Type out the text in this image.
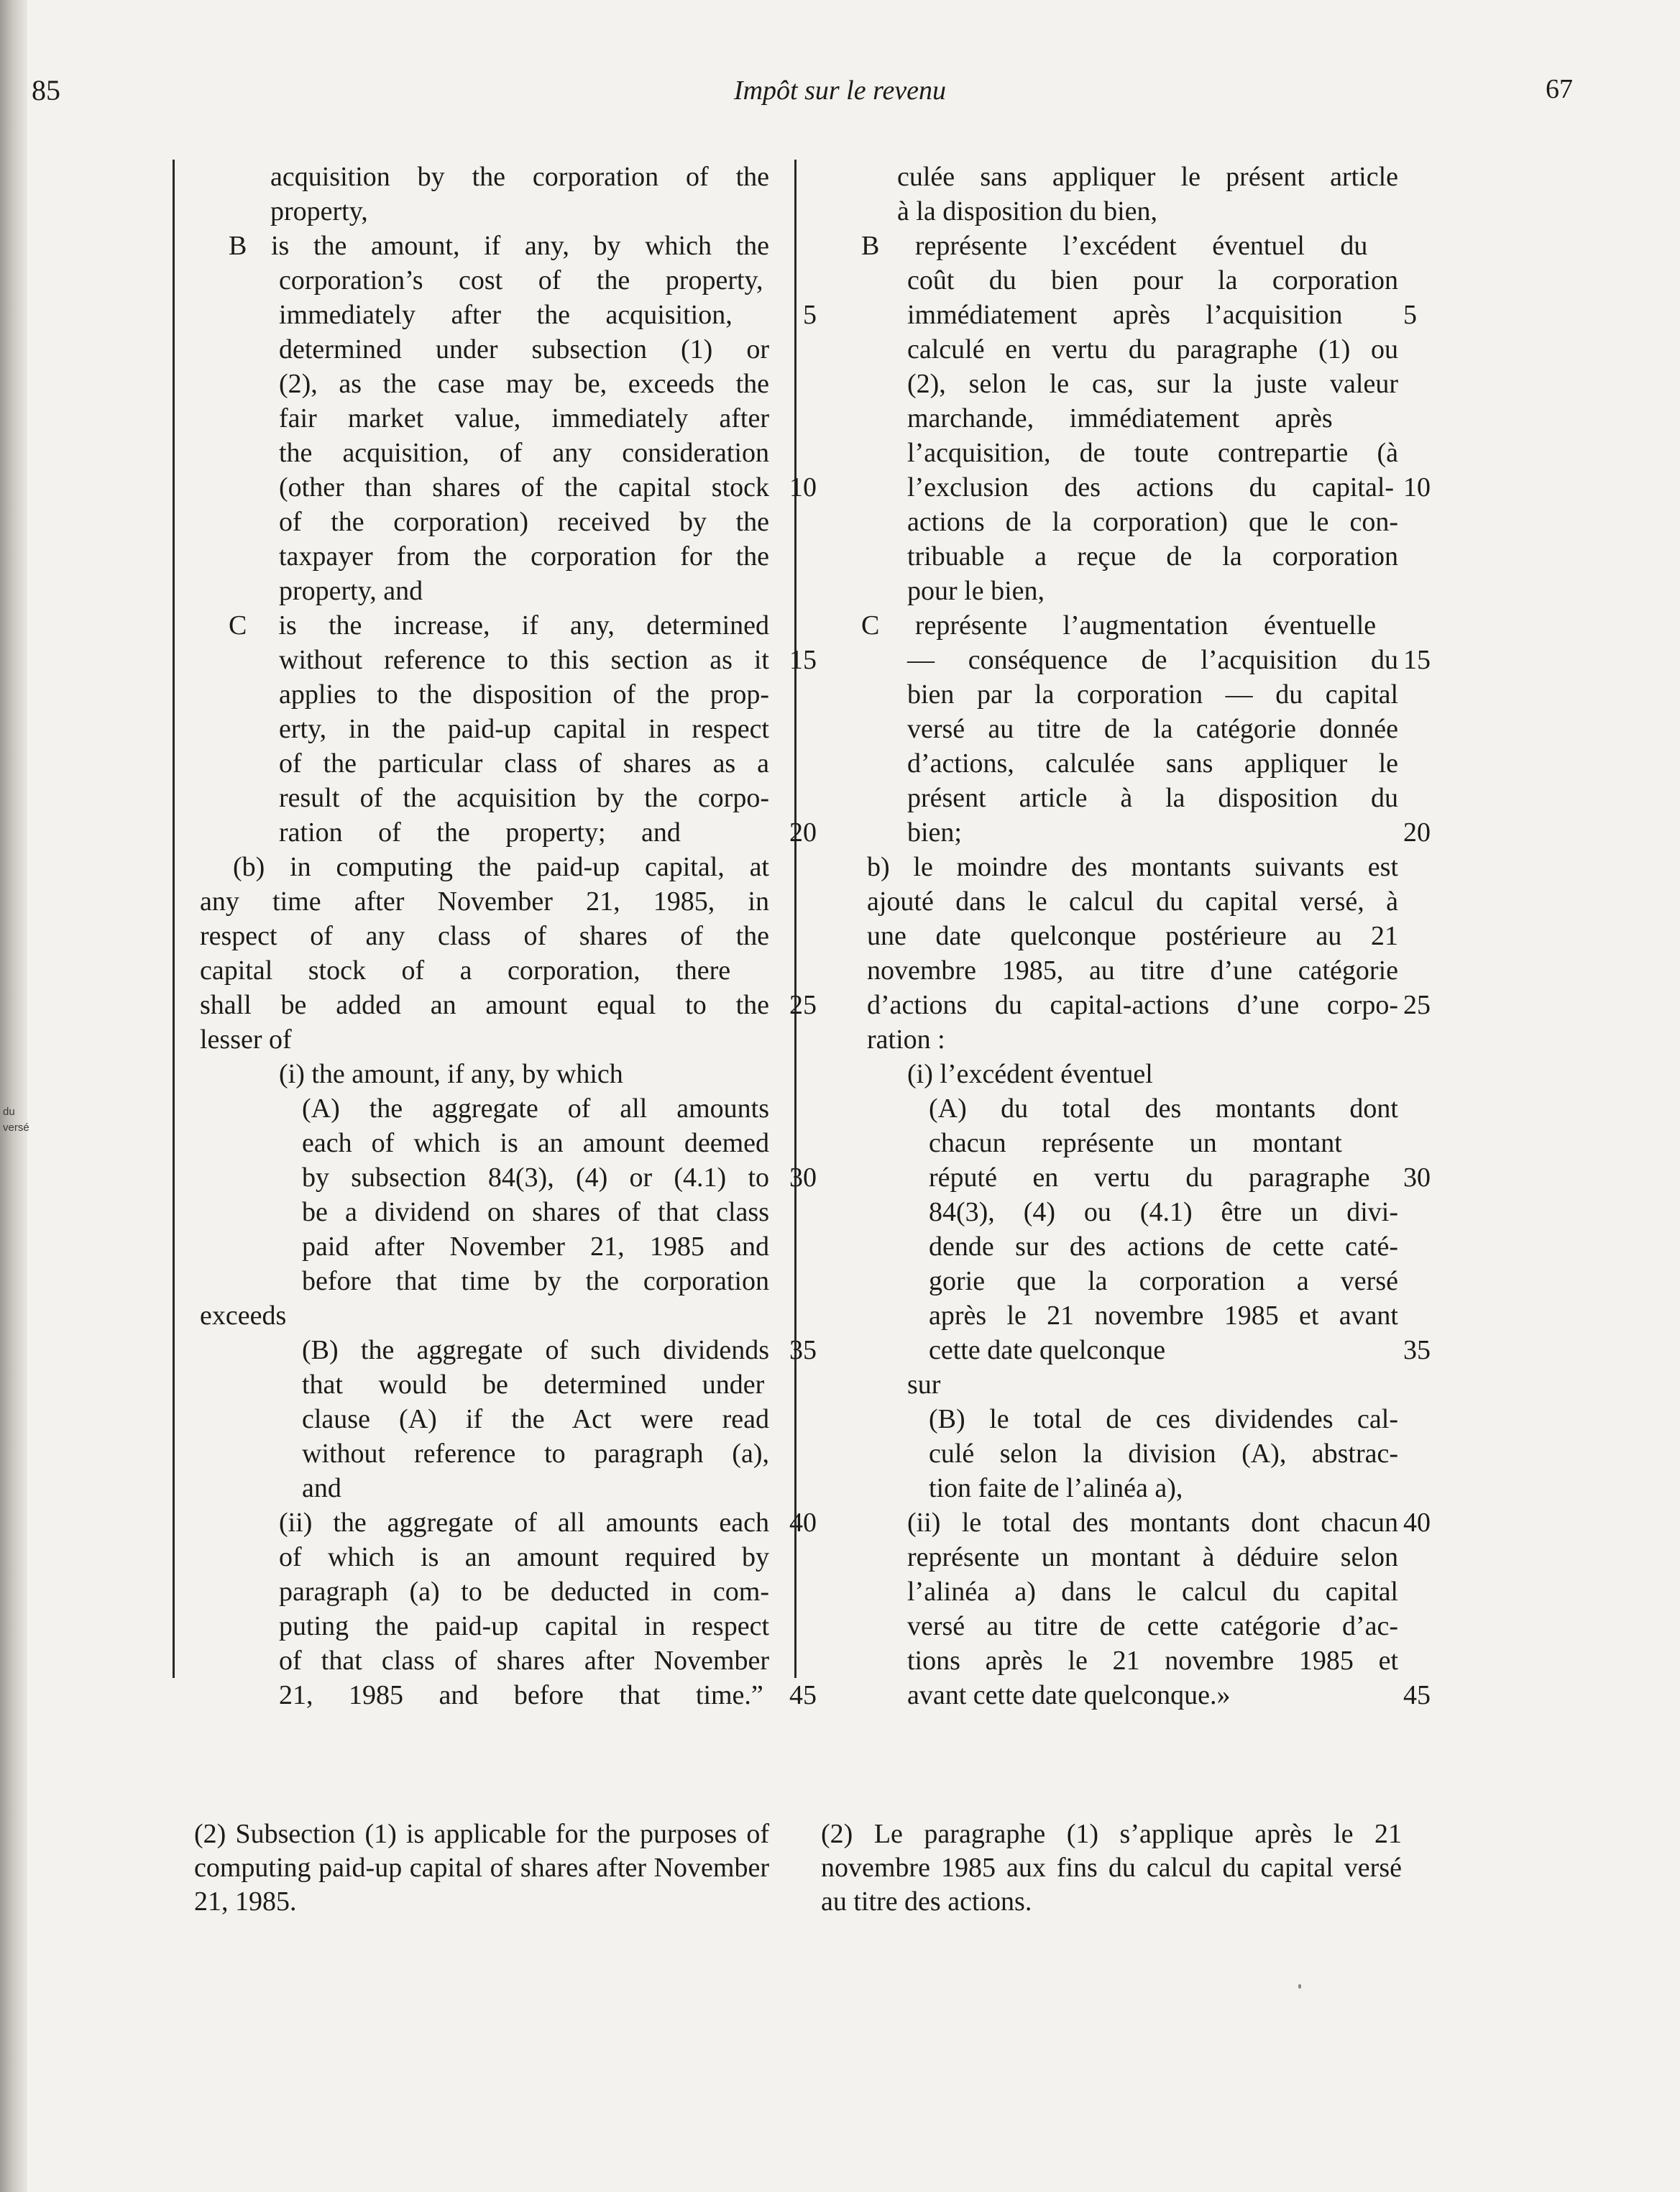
du
versé
85	Impôt sur le revenu	67
acquisition by the corporation of the
property,
B is the amount, if any, by which the
corporation’s cost of the property,
immediately after the acquisition,
determined under subsection (1) or
(2), as the case may be, exceeds the
fair market value, immediately after
the acquisition, of any consideration
(other than shares of the capital stock
of the corporation) received by the
taxpayer from the corporation for the
property, and
C is the increase, if any, determined
without reference to this section as it
applies to the disposition of the prop-
erty, in the paid-up capital in respect
of the particular class of shares as a
result of the acquisition by the corpo-
ration of the property; and
(b) in computing the paid-up capital, at
any time after November 21, 1985, in
respect of any class of shares of the
capital stock of a corporation, there
shall be added an amount equal to the
lesser of
(i) the amount, if any, by which
(A) the aggregate of all amounts
each of which is an amount deemed
by subsection 84(3), (4) or (4.1) to
be a dividend on shares of that class
paid after November 21, 1985 and
before that time by the corporation
exceeds
(B) the aggregate of such dividends
that would be determined under
clause (A) if the Act were read
without reference to paragraph (a),
and
(ii) the aggregate of all amounts each
of which is an amount required by
paragraph (a) to be deducted in com-
puting the paid-up capital in respect
of that class of shares after November
21, 1985 and before that time.”
culée sans appliquer le présent article
à la disposition du bien,
B représente l’excédent éventuel du
coût du bien pour la corporation
immédiatement après l’acquisition
calculé en vertu du paragraphe (1) ou
(2), selon le cas, sur la juste valeur
marchande, immédiatement après
l’acquisition, de toute contrepartie (à
l’exclusion des actions du capital-
actions de la corporation) que le con-
tribuable a reçue de la corporation
pour le bien,
C représente l’augmentation éventuelle
— conséquence de l’acquisition du
bien par la corporation — du capital
versé au titre de la catégorie donnée
d’actions, calculée sans appliquer le
présent article à la disposition du
bien;
b) le moindre des montants suivants est
ajouté dans le calcul du capital versé, à
une date quelconque postérieure au 21
novembre 1985, au titre d’une catégorie
d’actions du capital-actions d’une corpo-
ration :
(i) l’excédent éventuel
(A) du total des montants dont
chacun représente un montant
réputé en vertu du paragraphe
84(3), (4) ou (4.1) être un divi-
dende sur des actions de cette caté-
gorie que la corporation a versé
après le 21 novembre 1985 et avant
cette date quelconque
sur
(B) le total de ces dividendes cal-
culé selon la division (A), abstrac-
tion faite de l’alinéa a),
(ii) le total des montants dont chacun
représente un montant à déduire selon
l’alinéa a) dans le calcul du capital
versé au titre de cette catégorie d’ac-
tions après le 21 novembre 1985 et
avant cette date quelconque.»
5	5
10	10
15	15
20	20
25	25
30	30
35	35
40	40
45	45
(2) Subsection (1) is applicable for the purposes of computing paid-up capital of shares after November 21, 1985.
(2) Le paragraphe (1) s’applique après le 21 novembre 1985 aux fins du calcul du capital versé au titre des actions.
